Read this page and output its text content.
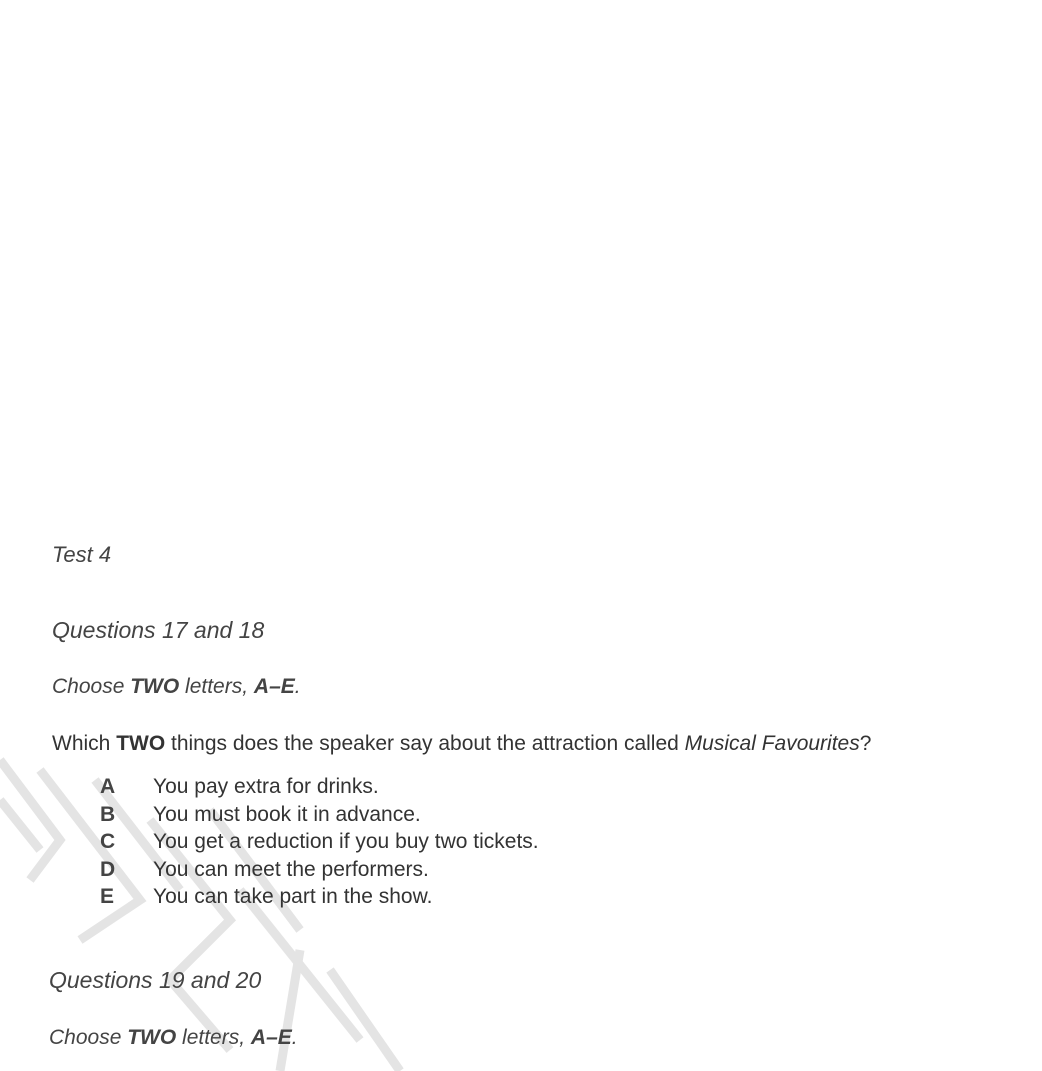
Test 4

Questions 17 and 18

Choose TWO letters, A–E.

Which TWO things does the speaker say about the attraction called Musical Favourites?

A	You pay extra for drinks.
B	You must book it in advance.
C	You get a reduction if you buy two tickets.
D	You can meet the performers.
E	You can take part in the show.
Questions 19 and 20

Choose TWO letters, A–E.
